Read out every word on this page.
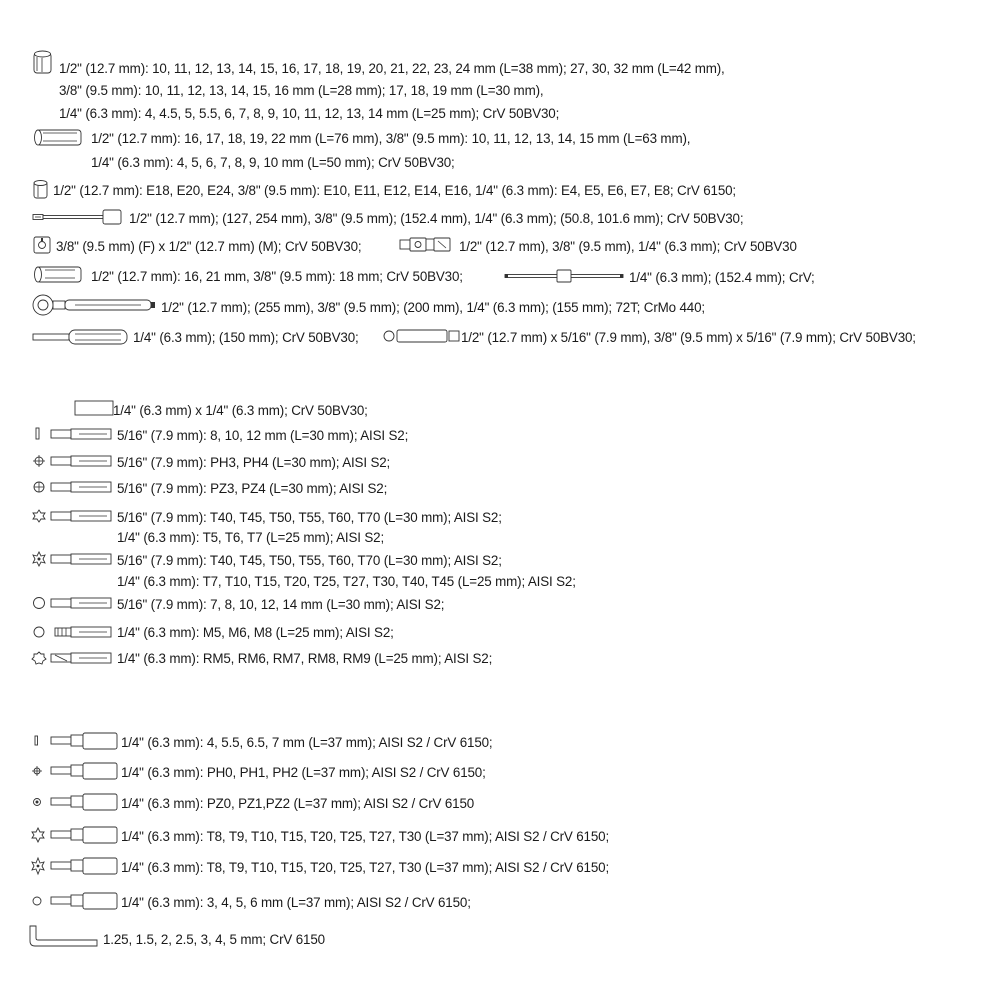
1/2" (12.7 mm): 10, 11, 12, 13, 14, 15, 16, 17, 18, 19, 20, 21, 22, 23, 24 mm (L=38 mm); 27, 30, 32 mm (L=42 mm),
3/8" (9.5 mm): 10, 11, 12, 13, 14, 15, 16 mm (L=28 mm); 17, 18, 19 mm (L=30 mm),
1/4" (6.3 mm): 4, 4.5, 5, 5.5, 6, 7, 8, 9, 10, 11, 12, 13, 14 mm (L=25 mm); CrV 50BV30;
1/2" (12.7 mm): 16, 17, 18, 19, 22 mm (L=76 mm), 3/8" (9.5 mm): 10, 11, 12, 13, 14, 15 mm (L=63 mm),
1/4" (6.3 mm): 4, 5, 6, 7, 8, 9, 10 mm (L=50 mm); CrV 50BV30;
1/2" (12.7 mm): E18, E20, E24, 3/8" (9.5 mm): E10, E11, E12, E14, E16, 1/4" (6.3 mm): E4, E5, E6, E7, E8; CrV 6150;
1/2" (12.7 mm); (127, 254 mm), 3/8" (9.5 mm); (152.4 mm), 1/4" (6.3 mm); (50.8, 101.6 mm); CrV 50BV30;
3/8" (9.5 mm) (F) x 1/2" (12.7 mm) (M); CrV 50BV30;	1/2" (12.7 mm), 3/8" (9.5 mm), 1/4" (6.3 mm); CrV 50BV30
1/2" (12.7 mm): 16, 21 mm, 3/8" (9.5 mm): 18 mm; CrV 50BV30;	1/4" (6.3 mm); (152.4 mm); CrV;
1/2" (12.7 mm); (255 mm), 3/8" (9.5 mm); (200 mm), 1/4" (6.3 mm); (155 mm); 72T; CrMo 440;
1/4" (6.3 mm); (150 mm); CrV 50BV30;	1/2" (12.7 mm) x 5/16" (7.9 mm), 3/8" (9.5 mm) x 5/16" (7.9 mm); CrV 50BV30;
1/4" (6.3 mm) x 1/4" (6.3 mm); CrV 50BV30;
5/16" (7.9 mm): 8, 10, 12 mm (L=30 mm); AISI S2;
5/16" (7.9 mm): PH3, PH4 (L=30 mm); AISI S2;
5/16" (7.9 mm): PZ3, PZ4 (L=30 mm); AISI S2;
5/16" (7.9 mm): T40, T45, T50, T55, T60, T70 (L=30 mm); AISI S2;
1/4" (6.3 mm): T5, T6, T7 (L=25 mm); AISI S2;
5/16" (7.9 mm): T40, T45, T50, T55, T60, T70 (L=30 mm); AISI S2;
1/4" (6.3 mm): T7, T10, T15, T20, T25, T27, T30, T40, T45 (L=25 mm); AISI S2;
5/16" (7.9 mm): 7, 8, 10, 12, 14 mm (L=30 mm); AISI S2;
1/4" (6.3 mm): M5, M6, M8 (L=25 mm); AISI S2;
1/4" (6.3 mm): RM5, RM6, RM7, RM8, RM9 (L=25 mm); AISI S2;
1/4" (6.3 mm): 4, 5.5, 6.5, 7 mm (L=37 mm); AISI S2 / CrV 6150;
1/4" (6.3 mm): PH0, PH1, PH2 (L=37 mm); AISI S2 / CrV 6150;
1/4" (6.3 mm): PZ0, PZ1,PZ2 (L=37 mm); AISI S2 / CrV 6150
1/4" (6.3 mm): T8, T9, T10, T15, T20, T25, T27, T30 (L=37 mm); AISI S2 / CrV 6150;
1/4" (6.3 mm): T8, T9, T10, T15, T20, T25, T27, T30 (L=37 mm); AISI S2 / CrV 6150;
1/4" (6.3 mm): 3, 4, 5, 6 mm (L=37 mm); AISI S2 / CrV 6150;
1.25, 1.5, 2, 2.5, 3, 4, 5 mm; CrV 6150
